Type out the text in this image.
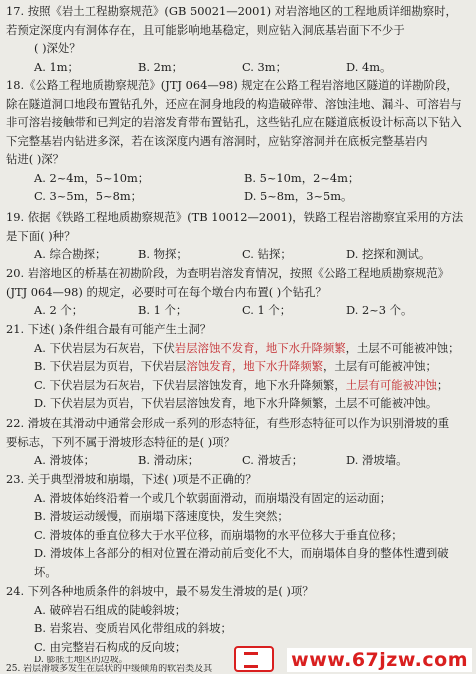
17. 按照《岩土工程勘察规范》(GB 50021—2001) 对岩溶地区的工程地质详细勘察时，
若预定深度内有洞体存在，且可能影响地基稳定，则应钻入洞底基岩面下不少于
( )深处？
A. 1m；	B. 2m；	C. 3m；	D. 4m。
18.《公路工程地质勘察规范》(JTJ 064—98) 规定在公路工程岩溶地区隧道的详勘阶段，
除在隧道洞口地段布置钻孔外，还应在洞身地段的构造破碎带、溶蚀洼地、漏斗、可溶岩与
非可溶岩接触带和已判定的岩溶发育带布置钻孔，这些钻孔应在隧道底板设计标高以下钻入
下完整基岩内钻进多深，若在该深度内遇有溶洞时，应钻穿溶洞并在底板完整基岩内
钻进( )深？
A. 2~4m，5~10m；	B. 5~10m，2~4m；
C. 3~5m，5~8m；	D. 5~8m，3~5m。
19. 依据《铁路工程地质勘察规范》(TB 10012—2001)，铁路工程岩溶勘察宜采用的方法
是下面( )种？
A. 综合勘探；	B. 物探；	C. 钻探；	D. 挖探和测试。
20. 岩溶地区的桥基在初勘阶段，为查明岩溶发育情况，按照《公路工程地质勘察规范》
(JTJ 064—98) 的规定，必要时可在每个墩台内布置( )个钻孔？
A. 2 个；	B. 1 个；	C. 1 个；	D. 2~3 个。
21. 下述( )条件组合最有可能产生土洞？
A. 下伏岩层为石灰岩，下伏岩层溶蚀不发育，地下水升降频繁，土层不可能被冲蚀；
B. 下伏岩层为页岩，下伏岩层溶蚀发育，地下水升降频繁，土层有可能被冲蚀；
C. 下伏岩层为石灰岩，下伏岩层溶蚀发育，地下水升降频繁，土层有可能被冲蚀；
D. 下伏岩层为页岩，下伏岩层溶蚀发育，地下水升降频繁，土层不可能被冲蚀。
22. 滑坡在其滑动中通常会形成一系列的形态特征，有些形态特征可以作为识别滑坡的重
要标志，下列不属于滑坡形态特征的是( )项？
A. 滑坡体；	B. 滑动床；	C. 滑坡舌；	D. 滑坡墙。
23. 关于典型滑坡和崩塌，下述( )项是不正确的？
A. 滑坡体始终沿着一个或几个软弱面滑动，而崩塌没有固定的运动面；
B. 滑坡运动缓慢，而崩塌下落速度快，发生突然；
C. 滑坡体的垂直位移大于水平位移，而崩塌物的水平位移大于垂直位移；
D. 滑坡体上各部分的相对位置在滑动前后变化不大，而崩塌体自身的整体性遭到破
坏。
24. 下列各种地质条件的斜坡中，最不易发生滑坡的是( )项？
A. 破碎岩石组成的陡峻斜坡；
B. 岩浆岩、变质岩风化带组成的斜坡；
C. 由完整岩石构成的反向坡；
D. 膨胀土地区的边坡。
25. 岩层滑坡多发生在层状的中缓倾角的软岩类及其	www.67jzw.com
